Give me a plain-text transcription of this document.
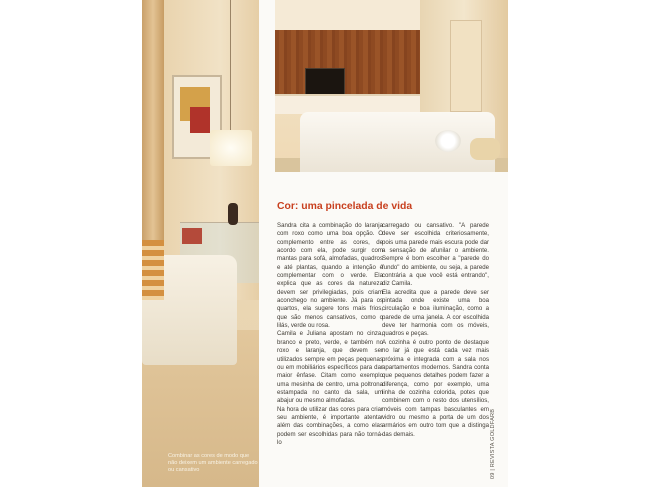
Combinar as cores de modo que não deixem um ambiente carregado ou cansativo
Cor: uma pincelada de vida

Sandra cita a combinação do laranja com roxo como uma boa opção. O complemento entre as cores, de acordo com ela, pode surgir com mantas para sofá, almofadas, quadros e até plantas, quando a intenção é complementar com o verde. Ela explica que as cores da natureza devem ser privilegiadas, pois criam aconchego no ambiente. Já para os quartos, ela sugere tons mais frios, que são menos cansativos, como o lilás, verde ou rosa.

Camila e Juliana apostam no cinza, branco e preto, verde, e também no roxo e laranja, que devem ser utilizados sempre em peças pequenas ou em mobiliários específicos para dar maior ênfase. Citam como exemplo uma mesinha de centro, uma poltrona estampada no canto da sala, um abajur ou mesmo almofadas.

Na hora de utilizar das cores para criar seu ambiente, é importante atentar além das combinações, a como elas podem ser escolhidas para não torná-lo

carregado ou cansativo. "A parede deve ser escolhida criteriosamente, pois uma parede mais escura pode dar a sensação de afunilar o ambiente. Sempre é bom escolher a "parede do fundo" do ambiente, ou seja, a parede contrária a que você está entrando", diz Camila.

Ela acredita que a parede deve ser pintada onde existe uma boa circulação e boa iluminação, como a parede de uma janela. A cor escolhida deve ter harmonia com os móveis, quadros e peças.

A cozinha é outro ponto de destaque no lar já que está cada vez mais próxima e integrada com a sala nos apartamentos modernos. Sandra conta que pequenos detalhes podem fazer a diferença, como por exemplo, uma linha de cozinha colorida, potes que combinem com o resto dos utensílios, móveis com tampas basculantes em vidro ou mesmo a porta de um dos armários em outro tom que a distinga das demais.	09 | REVISTA GOLDFARB
